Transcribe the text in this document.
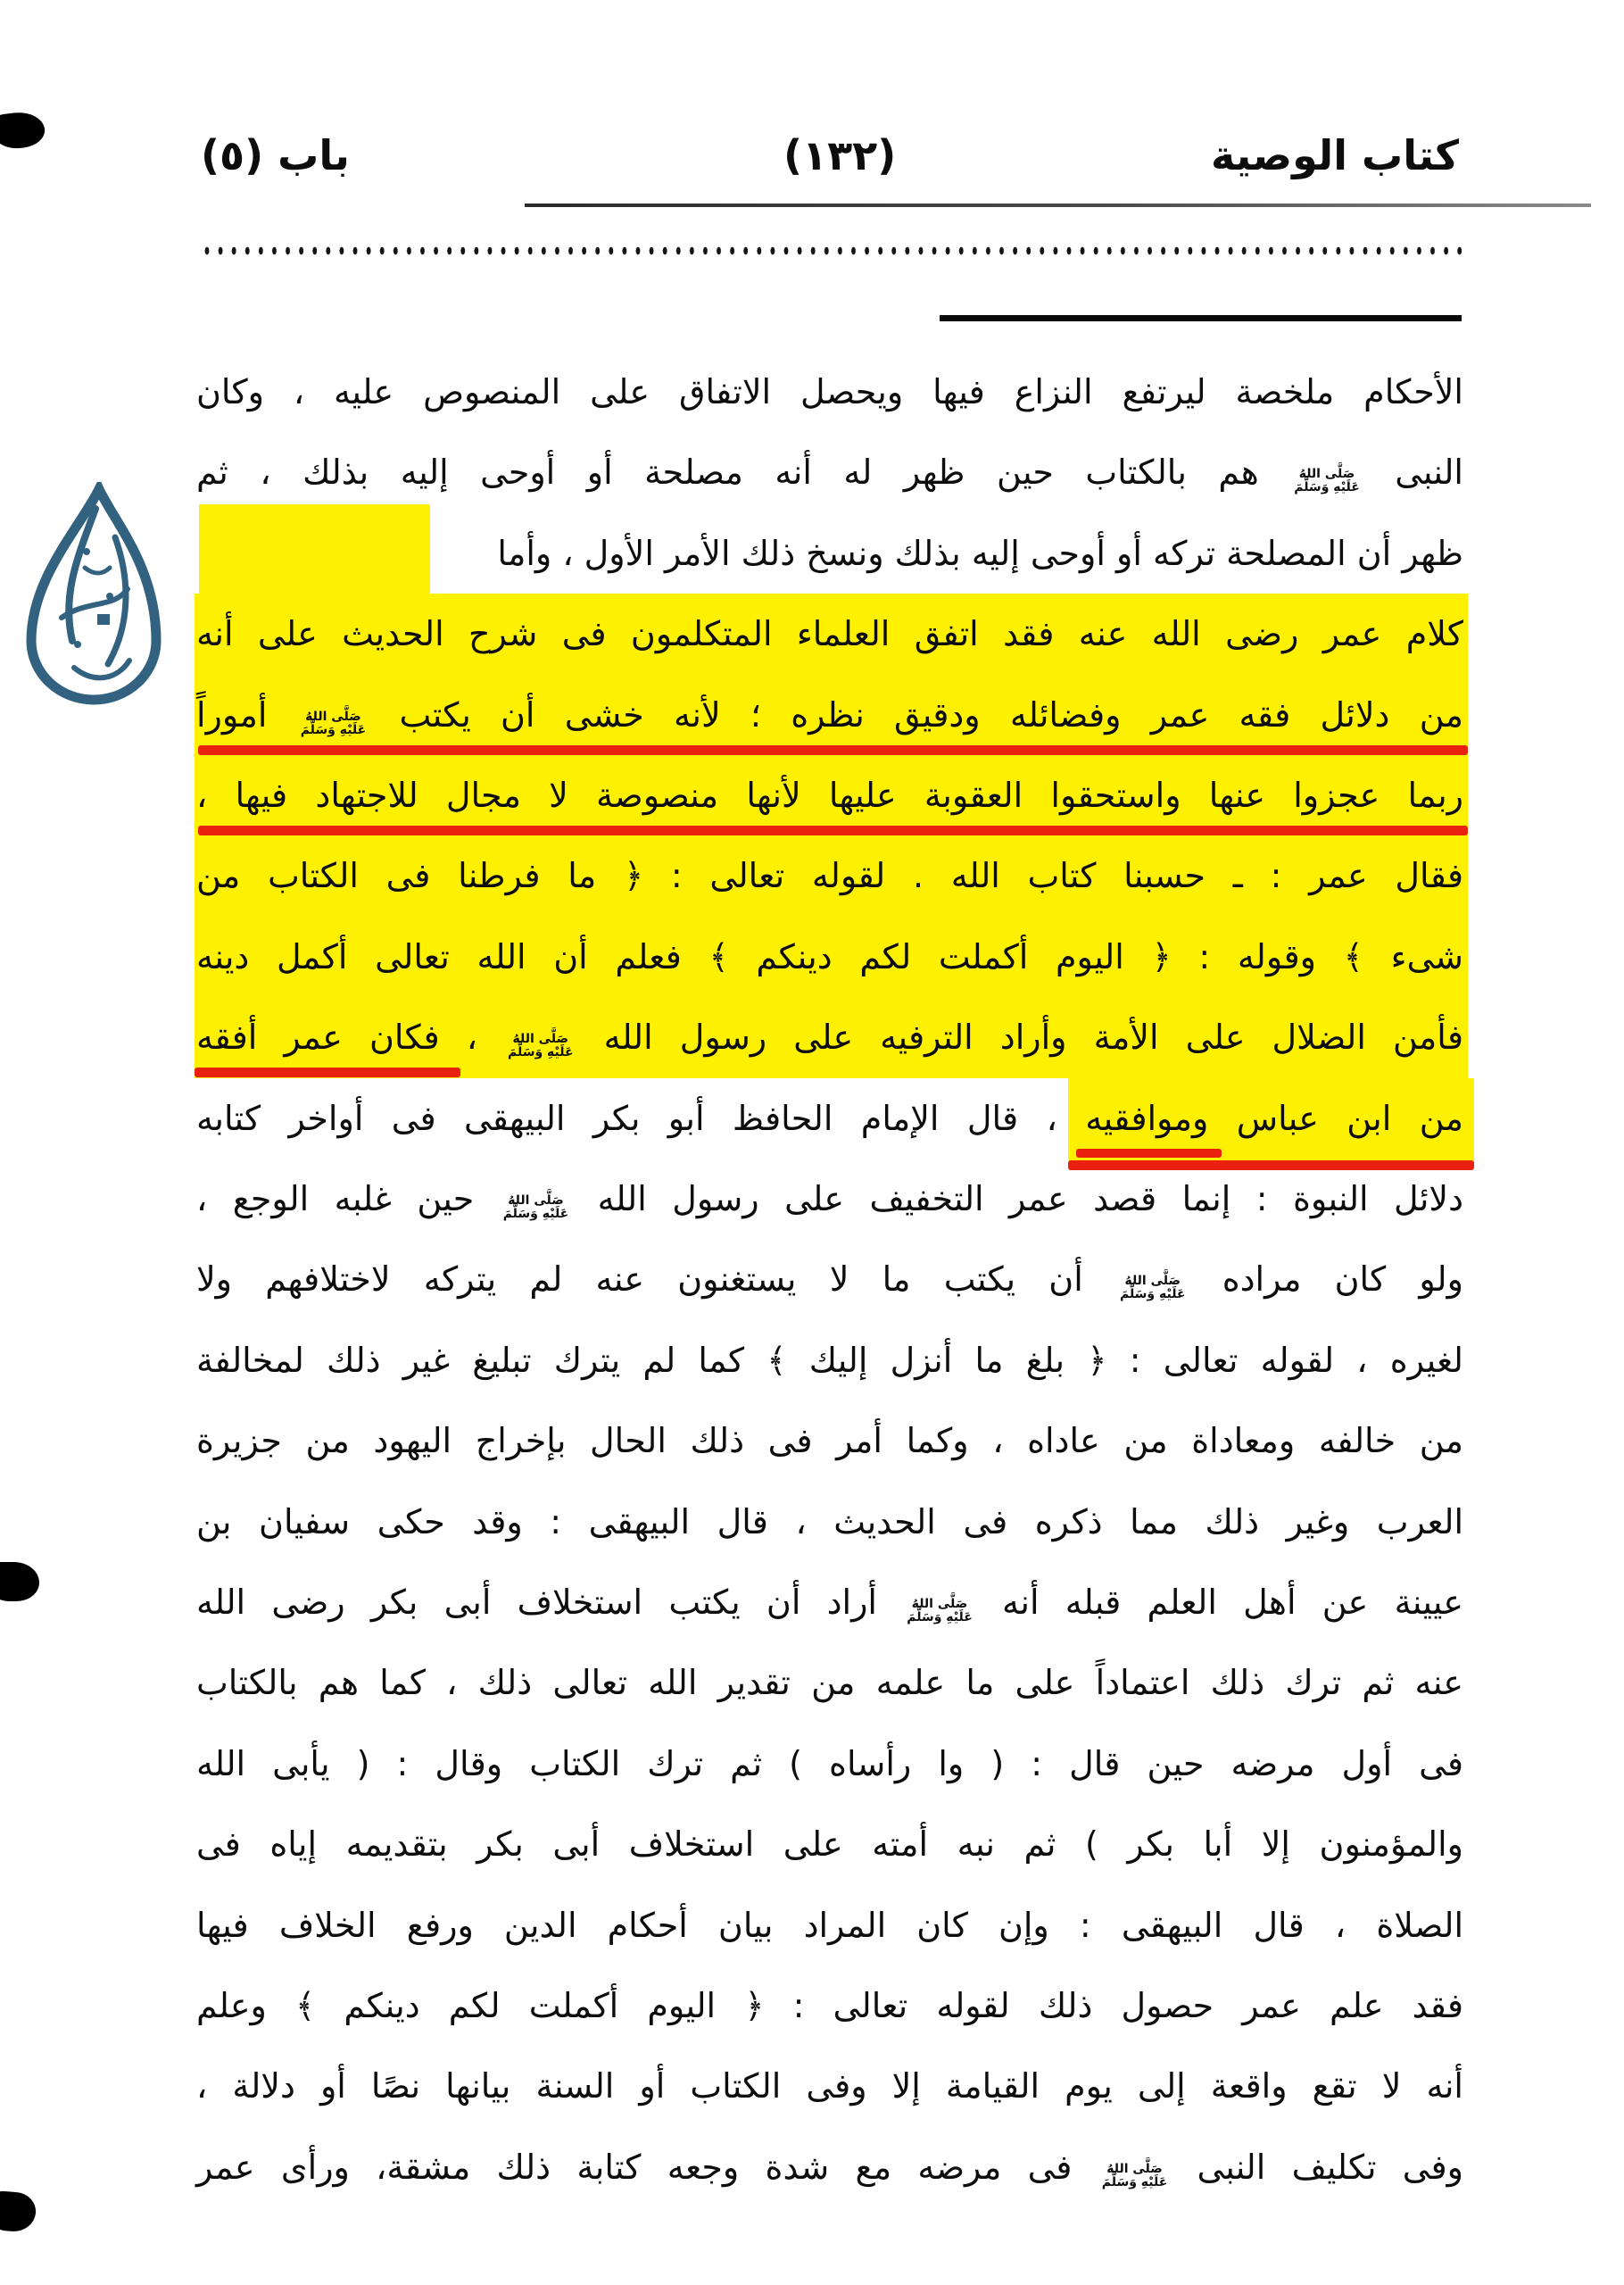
باب (٥)	(١٣٢)	كتاب الوصية
الأحكام ملخصة ليرتفع النزاع فيها ويحصل الاتفاق على المنصوص عليه ، وكان
النبى
صَلَّى اللهُ
عَلَيْهِ وَسَلَّمَ
هم بالكتاب حين ظهر له أنه مصلحة أو أوحى إليه بذلك ، ثم
ظهر أن المصلحة تركه أو أوحى إليه بذلك ونسخ ذلك الأمر الأول ، وأما
كلام عمر رضى الله عنه فقد اتفق العلماء المتكلمون فى شرح الحديث على أنه
من دلائل فقه عمر وفضائله ودقيق نظره ؛ لأنه خشى أن يكتب
صَلَّى اللهُ
عَلَيْهِ وَسَلَّمَ
أموراً
ربما عجزوا عنها واستحقوا العقوبة عليها لأنها منصوصة لا مجال للاجتهاد فيها ،
فقال عمر : ـ حسبنا كتاب الله . لقوله تعالى : ﴿ ما فرطنا فى الكتاب من
شىء ﴾ وقوله : ﴿ اليوم أكملت لكم دينكم ﴾ فعلم أن الله تعالى أكمل دينه
فأمن الضلال على الأمة وأراد الترفيه على رسول الله
صَلَّى اللهُ
عَلَيْهِ وَسَلَّمَ
، فكان عمر أفقه
من ابن عباس وموافقيه ، قال الإمام الحافظ أبو بكر البيهقى فى أواخر كتابه
دلائل النبوة : إنما قصد عمر التخفيف على رسول الله
صَلَّى اللهُ
عَلَيْهِ وَسَلَّمَ
حين غلبه الوجع ،
ولو كان مراده
صَلَّى اللهُ
عَلَيْهِ وَسَلَّمَ
أن يكتب ما لا يستغنون عنه لم يتركه لاختلافهم ولا
لغيره ، لقوله تعالى : ﴿ بلغ ما أنزل إليك ﴾ كما لم يترك تبليغ غير ذلك لمخالفة
من خالفه ومعاداة من عاداه ، وكما أمر فى ذلك الحال بإخراج اليهود من جزيرة
العرب وغير ذلك مما ذكره فى الحديث ، قال البيهقى : وقد حكى سفيان بن
عيينة عن أهل العلم قبله أنه
صَلَّى اللهُ
عَلَيْهِ وَسَلَّمَ
أراد أن يكتب استخلاف أبى بكر رضى الله
عنه ثم ترك ذلك اعتماداً على ما علمه من تقدير الله تعالى ذلك ، كما هم بالكتاب
فى أول مرضه حين قال : ( وا رأساه ) ثم ترك الكتاب وقال : ( يأبى الله
والمؤمنون إلا أبا بكر ) ثم نبه أمته على استخلاف أبى بكر بتقديمه إياه فى
الصلاة ، قال البيهقى : وإن كان المراد بيان أحكام الدين ورفع الخلاف فيها
فقد علم عمر حصول ذلك لقوله تعالى : ﴿ اليوم أكملت لكم دينكم ﴾ وعلم
أنه لا تقع واقعة إلى يوم القيامة إلا وفى الكتاب أو السنة بيانها نصًا أو دلالة ،
وفى تكليف النبى
صَلَّى اللهُ
عَلَيْهِ وَسَلَّمَ
فى مرضه مع شدة وجعه كتابة ذلك مشقة، ورأى عمر
